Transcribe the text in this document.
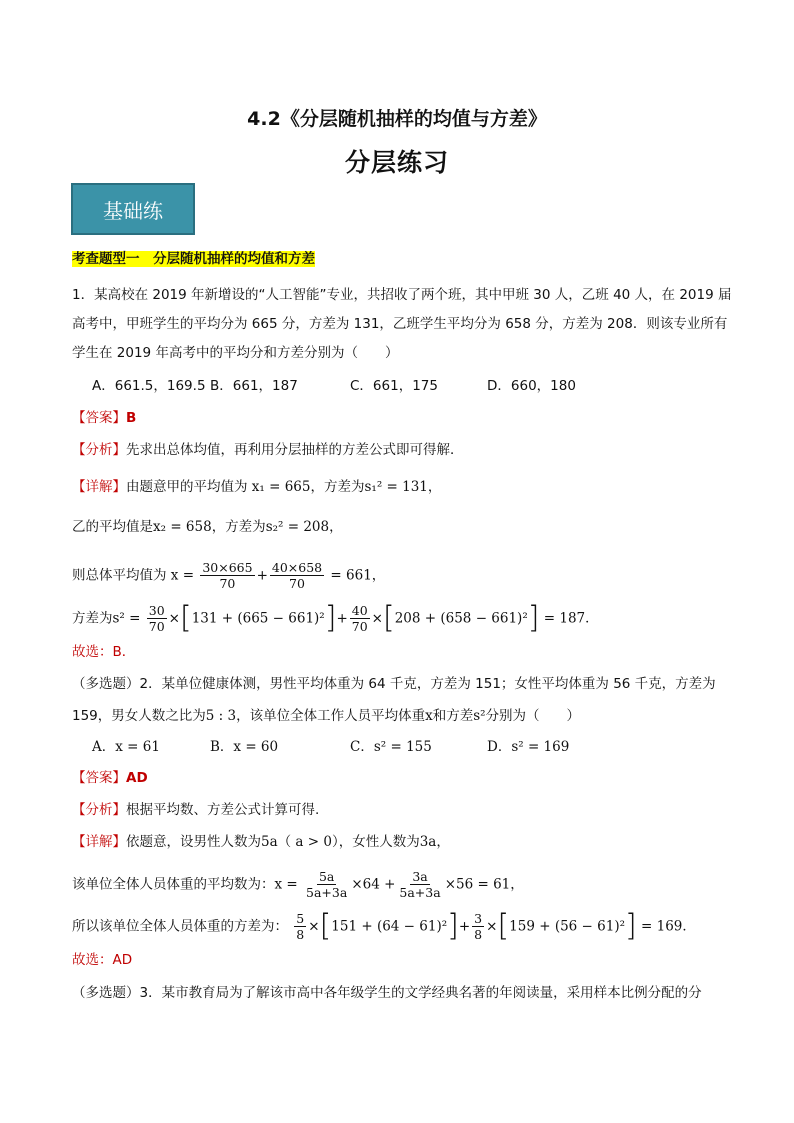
4.2《分层随机抽样的均值与方差》
分层练习
基础练
考查题型一　分层随机抽样的均值和方差
1．某高校在 2019 年新增设的“人工智能”专业，共招收了两个班，其中甲班 30 人，乙班 40 人，在 2019 届
高考中，甲班学生的平均分为 665 分，方差为 131，乙班学生平均分为 658 分，方差为 208．则该专业所有
学生在 2019 年高考中的平均分和方差分别为（　　）
A．661.5，169.5 B．661，187	C．661，175	D．660，180
【答案】B
【分析】先求出总体均值，再利用分层抽样的方差公式即可得解．
【详解】由题意甲的平均值为 x₁ = 665，方差为s₁² = 131，
乙的平均值是x₂ = 658，方差为s₂² = 208，
则总体平均值为 $x = \frac{30\times 665}{70} + \frac{40\times 658}{70} = 661$，
方差为$s^2 = \frac{30}{70} \times[131 + (665 - 661)^2]+ \frac{40}{70} \times[208 + (658 - 661)^2] = 187$．
故选：B．
（多选题）2．某单位健康体测，男性平均体重为 64 千克，方差为 151；女性平均体重为 56 千克，方差为
159，男女人数之比为5 : 3，该单位全体工作人员平均体重x和方差s²分别为（　　）
A．x = 61	B．x = 60	C．s² = 155	D．s² = 169
【答案】AD
【分析】根据平均数、方差公式计算可得.
【详解】依题意，设男性人数为5a（ a > 0），女性人数为3a，
该单位全体人员体重的平均数为：$x = \frac{5a}{5a+3a} \times 64 + \frac{3a}{5a+3a} \times 56 = 61$，
所以该单位全体人员体重的方差为： $\frac{5}{8} \times[151 + (64 - 61)^2]+ \frac{3}{8} \times[159 + (56 - 61)^2] = 169$．
故选：AD
（多选题）3．某市教育局为了解该市高中各年级学生的文学经典名著的年阅读量，采用样本比例分配的分
